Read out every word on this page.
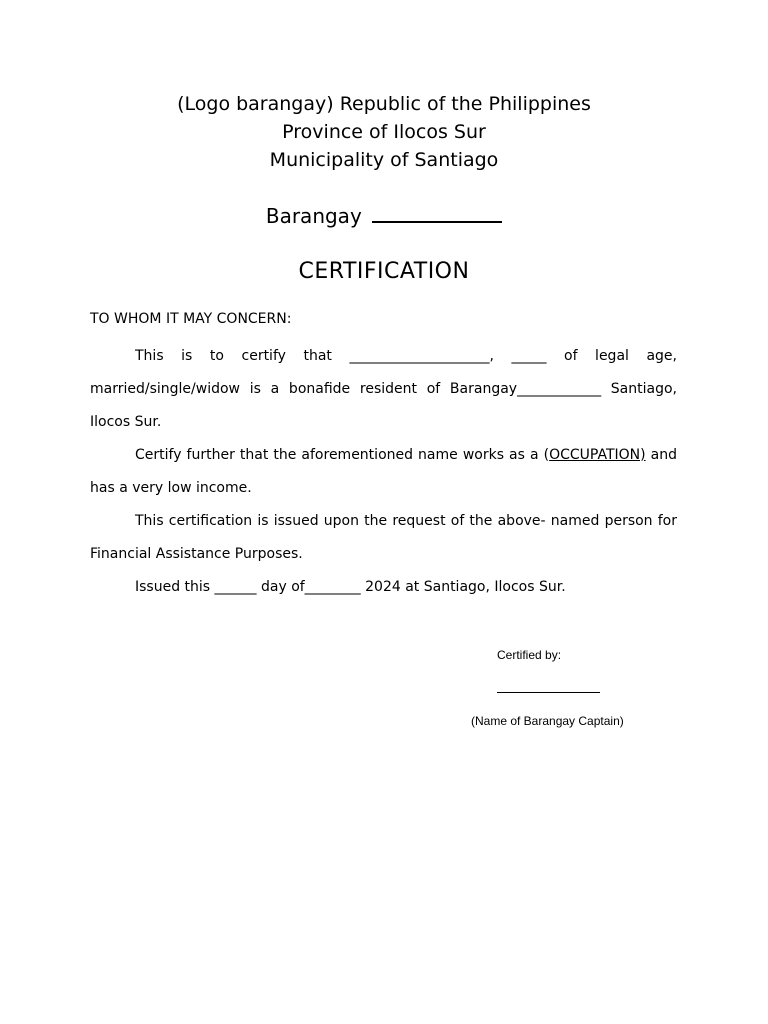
(Logo barangay) Republic of the Philippines
Province of Ilocos Sur
Municipality of Santiago
Barangay
CERTIFICATION
TO WHOM IT MAY CONCERN:
This is to certify that ____________________, _____ of legal age, married/single/widow is a bonafide resident of Barangay____________ Santiago, Ilocos Sur.
Certify further that the aforementioned name works as a (OCCUPATION) and has a very low income.
This certification is issued upon the request of the above- named person for Financial Assistance Purposes.
Issued this ______ day of________ 2024 at Santiago, Ilocos Sur.
Certified by:
(Name of Barangay Captain)
